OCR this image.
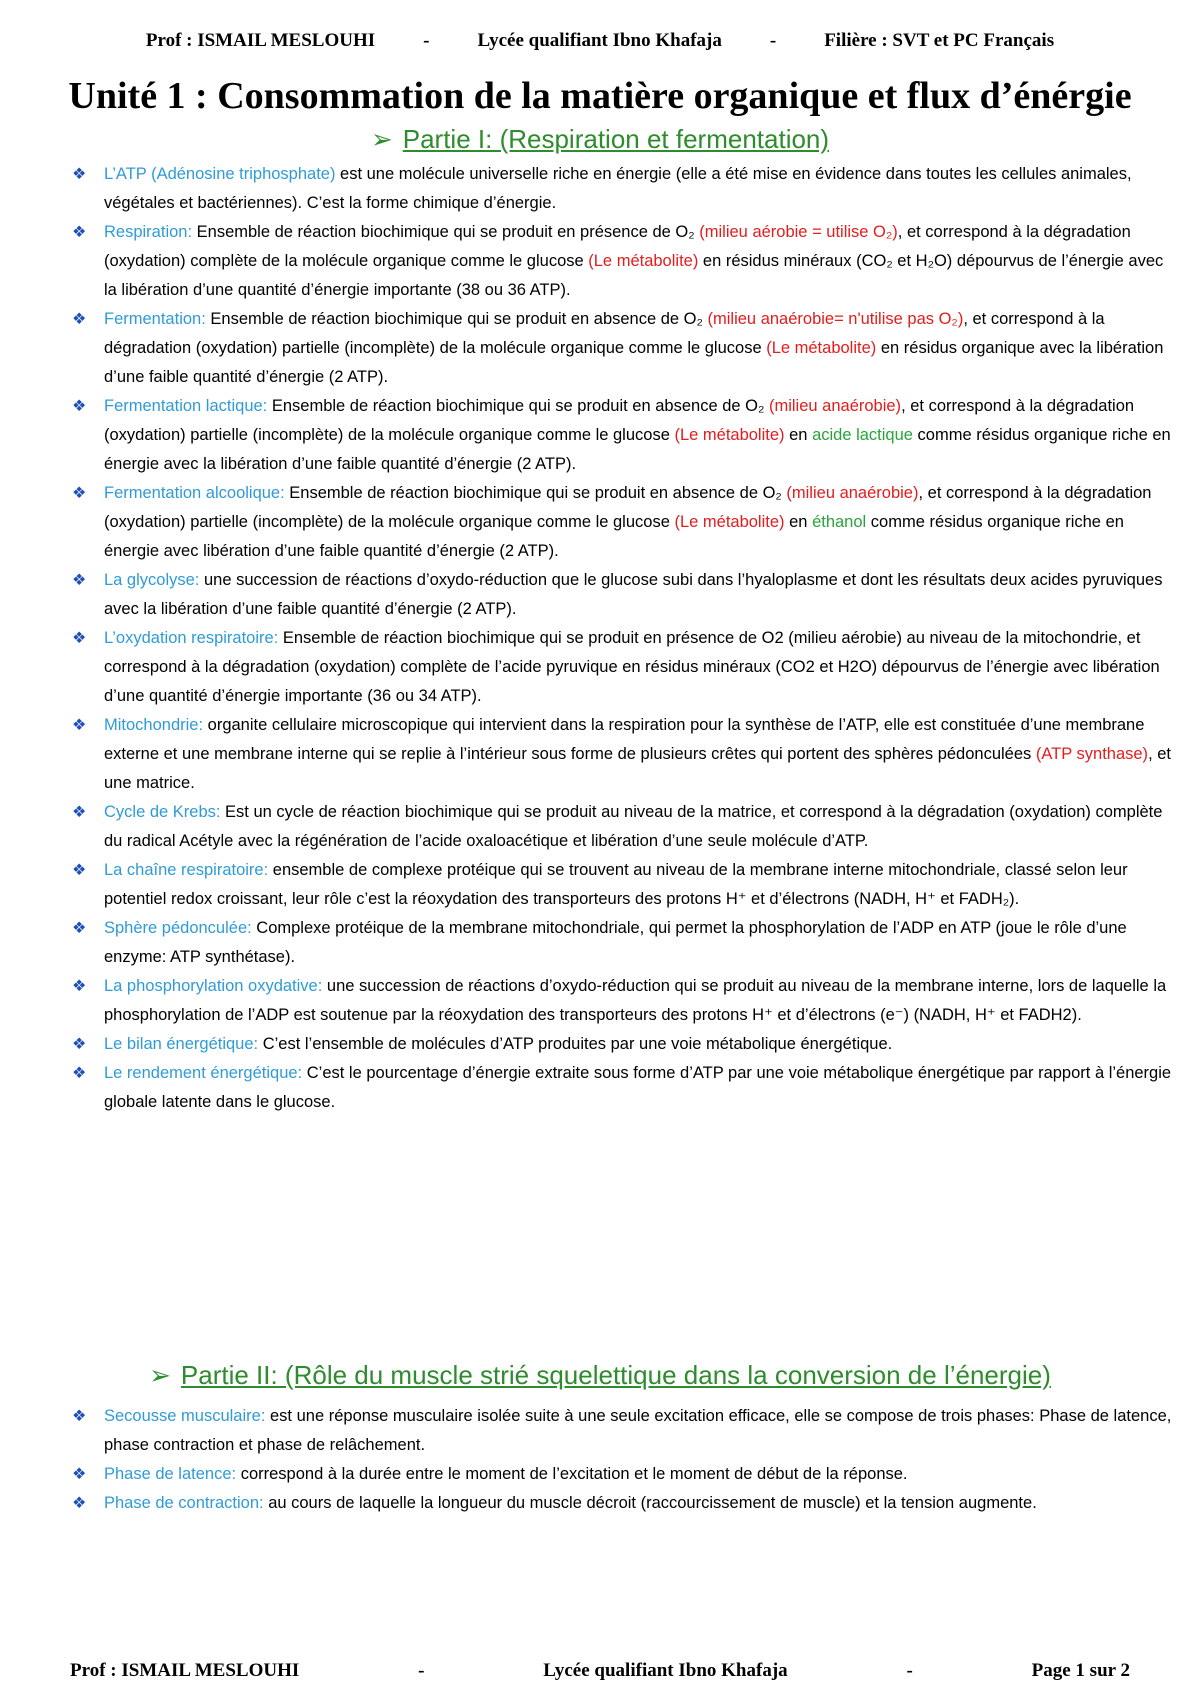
Prof : ISMAIL MESLOUHI	-	Lycée qualifiant Ibno Khafaja	-	Filière : SVT et PC Français
Unité 1 : Consommation de la matière organique et flux d’énérgie
➢ Partie I: (Respiration et fermentation)
❖ L’ATP (Adénosine triphosphate) est une molécule universelle riche en énergie (elle a été mise en évidence dans toutes les cellules animales, végétales et bactériennes). C’est la forme chimique d’énergie.
❖ Respiration: Ensemble de réaction biochimique qui se produit en présence de O₂ (milieu aérobie = utilise O₂), et correspond à la dégradation (oxydation) complète de la molécule organique comme le glucose (Le métabolite) en résidus minéraux (CO₂ et H₂O) dépourvus de l’énergie avec la libération d’une quantité d’énergie importante (38 ou 36 ATP).
❖ Fermentation: Ensemble de réaction biochimique qui se produit en absence de O₂ (milieu anaérobie= n'utilise pas O₂), et correspond à la dégradation (oxydation) partielle (incomplète) de la molécule organique comme le glucose (Le métabolite) en résidus organique avec la libération d’une faible quantité d’énergie (2 ATP).
❖ Fermentation lactique: Ensemble de réaction biochimique qui se produit en absence de O₂ (milieu anaérobie), et correspond à la dégradation (oxydation) partielle (incomplète) de la molécule organique comme le glucose (Le métabolite) en acide lactique comme résidus organique riche en énergie avec la libération d’une faible quantité d’énergie (2 ATP).
❖ Fermentation alcoolique: Ensemble de réaction biochimique qui se produit en absence de O₂ (milieu anaérobie), et correspond à la dégradation (oxydation) partielle (incomplète) de la molécule organique comme le glucose (Le métabolite) en éthanol comme résidus organique riche en énergie avec libération d’une faible quantité d’énergie (2 ATP).
❖ La glycolyse: une succession de réactions d’oxydo-réduction que le glucose subi dans l’hyaloplasme et dont les résultats deux acides pyruviques avec la libération d’une faible quantité d’énergie (2 ATP).
❖ L’oxydation respiratoire: Ensemble de réaction biochimique qui se produit en présence de O2 (milieu aérobie) au niveau de la mitochondrie, et correspond à la dégradation (oxydation) complète de l’acide pyruvique en résidus minéraux (CO2 et H2O) dépourvus de l’énergie avec libération d’une quantité d’énergie importante (36 ou 34 ATP).
❖ Mitochondrie: organite cellulaire microscopique qui intervient dans la respiration pour la synthèse de l’ATP, elle est constituée d’une membrane externe et une membrane interne qui se replie à l’intérieur sous forme de plusieurs crêtes qui portent des sphères pédonculées (ATP synthase), et une matrice.
❖ Cycle de Krebs: Est un cycle de réaction biochimique qui se produit au niveau de la matrice, et correspond à la dégradation (oxydation) complète du radical Acétyle avec la régénération de l’acide oxaloacétique et libération d’une seule molécule d’ATP.
❖ La chaîne respiratoire: ensemble de complexe protéique qui se trouvent au niveau de la membrane interne mitochondriale, classé selon leur potentiel redox croissant, leur rôle c’est la réoxydation des transporteurs des protons H⁺ et d’électrons (NADH, H⁺ et FADH₂).
❖ Sphère pédonculée: Complexe protéique de la membrane mitochondriale, qui permet la phosphorylation de l’ADP en ATP (joue le rôle d’une enzyme: ATP synthétase).
❖ La phosphorylation oxydative: une succession de réactions d’oxydo-réduction qui se produit au niveau de la membrane interne, lors de laquelle la phosphorylation de l’ADP est soutenue par la réoxydation des transporteurs des protons H⁺ et d’électrons (e⁻) (NADH, H⁺ et FADH2).
❖ Le bilan énergétique: C’est l’ensemble de molécules d’ATP produites par une voie métabolique énergétique.
❖ Le rendement énergétique: C’est le pourcentage d’énergie extraite sous forme d’ATP par une voie métabolique énergétique par rapport à l’énergie globale latente dans le glucose.
➢ Partie II: (Rôle du muscle strié squelettique dans la conversion de l’énergie)
❖ Secousse musculaire: est une réponse musculaire isolée suite à une seule excitation efficace, elle se compose de trois phases: Phase de latence, phase contraction et phase de relâchement.
❖ Phase de latence: correspond à la durée entre le moment de l’excitation et le moment de début de la réponse.
❖ Phase de contraction: au cours de laquelle la longueur du muscle décroit (raccourcissement de muscle) et la tension augmente.
Prof : ISMAIL MESLOUHI	-	Lycée qualifiant Ibno Khafaja	-	Page 1 sur 2
